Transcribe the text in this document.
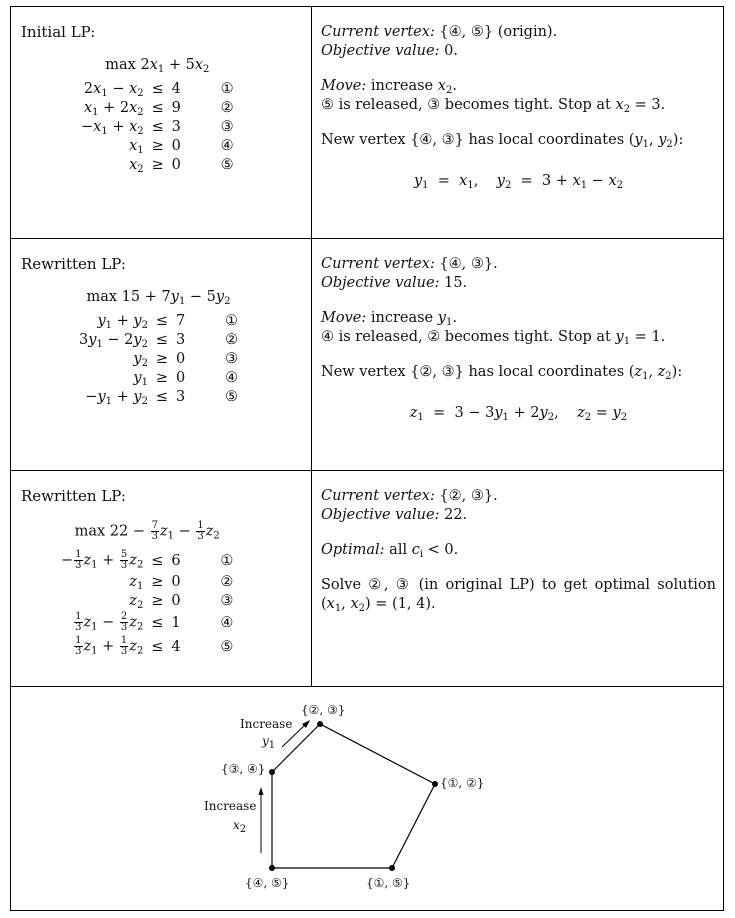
Initial LP:
$\max 2x_1 + 5x_2$
$2x_1 - x_2 \le 4$	①
$x_1 + 2x_2 \le 9$	②
$-x_1 + x_2 \le 3$	③
$x_1 \ge 0$	④
$x_2 \ge 0$	⑤

Current vertex: {④, ⑤} (origin).
Objective value: 0.

Move: increase $x_2$.
⑤ is released, ③ becomes tight. Stop at $x_2 = 3$.

New vertex {④, ③} has local coordinates ($y_1$, $y_2$):

$y_1 = x_1$,    $y_2 = 3 + x_1 - x_2$

Rewritten LP:
$\max 15 + 7y_1 - 5y_2$
$y_1 + y_2 \le 7$	①
$3y_1 - 2y_2 \le 3$	②
$y_2 \ge 0$	③
$y_1 \ge 0$	④
$-y_1 + y_2 \le 3$	⑤

Current vertex: {④, ③}.
Objective value: 15.

Move: increase $y_1$.
④ is released, ② becomes tight. Stop at $y_1 = 1$.

New vertex {②, ③} has local coordinates ($z_1$, $z_2$):

$z_1 = 3 - 3y_1 + 2y_2$,    $z_2 = y_2$

Rewritten LP:
$\max 22 - \frac{7}{3} z_1 - \frac{1}{3} z_2$
− $\frac{1}{3} z_1 + \frac{5}{3} z_2 \le 6$	①
$z_1 \ge 0$	②
$z_2 \ge 0$	③
$\frac{1}{3} z_1 - \frac{2}{3} z_2 \le 1$	④
$\frac{1}{3} z_1 + \frac{1}{3} z_2 \le 4$	⑤

Current vertex: {②, ③}.
Objective value: 22.

Optimal: all $c_i < 0$.

Solve ②, ③ (in original LP) to get optimal solution ($x_1$, $x_2) = (1$, 4).

{④, ⑤}	{①, ⑤}
{①, ②}
{②, ③}
{③, ④}
Increase
$x_2$
Increase
$y_1$
